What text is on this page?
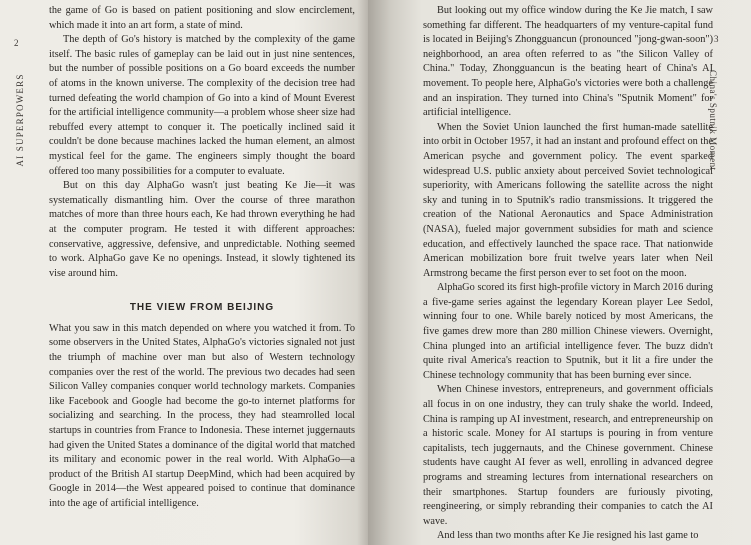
2
AI SUPERPOWERS

the game of Go is based on patient positioning and slow encirclement, which made it into an art form, a state of mind.

The depth of Go's history is matched by the complexity of the game itself. The basic rules of gameplay can be laid out in just nine sentences, but the number of possible positions on a Go board exceeds the number of atoms in the known universe. The complexity of the decision tree had turned defeating the world champion of Go into a kind of Mount Everest for the artificial intelligence community—a problem whose sheer size had rebuffed every attempt to conquer it. The poetically inclined said it couldn't be done because machines lacked the human element, an almost mystical feel for the game. The engineers simply thought the board offered too many possibilities for a computer to evaluate.

But on this day AlphaGo wasn't just beating Ke Jie—it was systematically dismantling him. Over the course of three marathon matches of more than three hours each, Ke had thrown everything he had at the computer program. He tested it with different approaches: conservative, aggressive, defensive, and unpredictable. Nothing seemed to work. AlphaGo gave Ke no openings. Instead, it slowly tightened its vise around him.

THE VIEW FROM BEIJING

What you saw in this match depended on where you watched it from. To some observers in the United States, AlphaGo's victories signaled not just the triumph of machine over man but also of Western technology companies over the rest of the world. The previous two decades had seen Silicon Valley companies conquer world technology markets. Companies like Facebook and Google had become the go-to internet platforms for socializing and searching. In the process, they had steamrolled local startups in countries from France to Indonesia. These internet juggernauts had given the United States a dominance of the digital world that matched its military and economic power in the real world. With AlphaGo—a product of the British AI startup DeepMind, which had been acquired by Google in 2014—the West appeared poised to continue that dominance into the age of artificial intelligence.

3
China's Sputnik Moment

But looking out my office window during the Ke Jie match, I saw something far different. The headquarters of my venture-capital fund is located in Beijing's Zhongguancun (pronounced "jong-gwan-soon") neighborhood, an area often referred to as "the Silicon Valley of China." Today, Zhongguancun is the beating heart of China's AI movement. To people here, AlphaGo's victories were both a challenge and an inspiration. They turned into China's "Sputnik Moment" for artificial intelligence.

When the Soviet Union launched the first human-made satellite into orbit in October 1957, it had an instant and profound effect on the American psyche and government policy. The event sparked widespread U.S. public anxiety about perceived Soviet technological superiority, with Americans following the satellite across the night sky and tuning in to Sputnik's radio transmissions. It triggered the creation of the National Aeronautics and Space Administration (NASA), fueled major government subsidies for math and science education, and effectively launched the space race. That nationwide American mobilization bore fruit twelve years later when Neil Armstrong became the first person ever to set foot on the moon.

AlphaGo scored its first high-profile victory in March 2016 during a five-game series against the legendary Korean player Lee Sedol, winning four to one. While barely noticed by most Americans, the five games drew more than 280 million Chinese viewers. Overnight, China plunged into an artificial intelligence fever. The buzz didn't quite rival America's reaction to Sputnik, but it lit a fire under the Chinese technology community that has been burning ever since.

When Chinese investors, entrepreneurs, and government officials all focus in on one industry, they can truly shake the world. Indeed, China is ramping up AI investment, research, and entrepreneurship on a historic scale. Money for AI startups is pouring in from venture capitalists, tech juggernauts, and the Chinese government. Chinese students have caught AI fever as well, enrolling in advanced degree programs and streaming lectures from international researchers on their smartphones. Startup founders are furiously pivoting, reengineering, or simply rebranding their companies to catch the AI wave.

And less than two months after Ke Jie resigned his last game to
